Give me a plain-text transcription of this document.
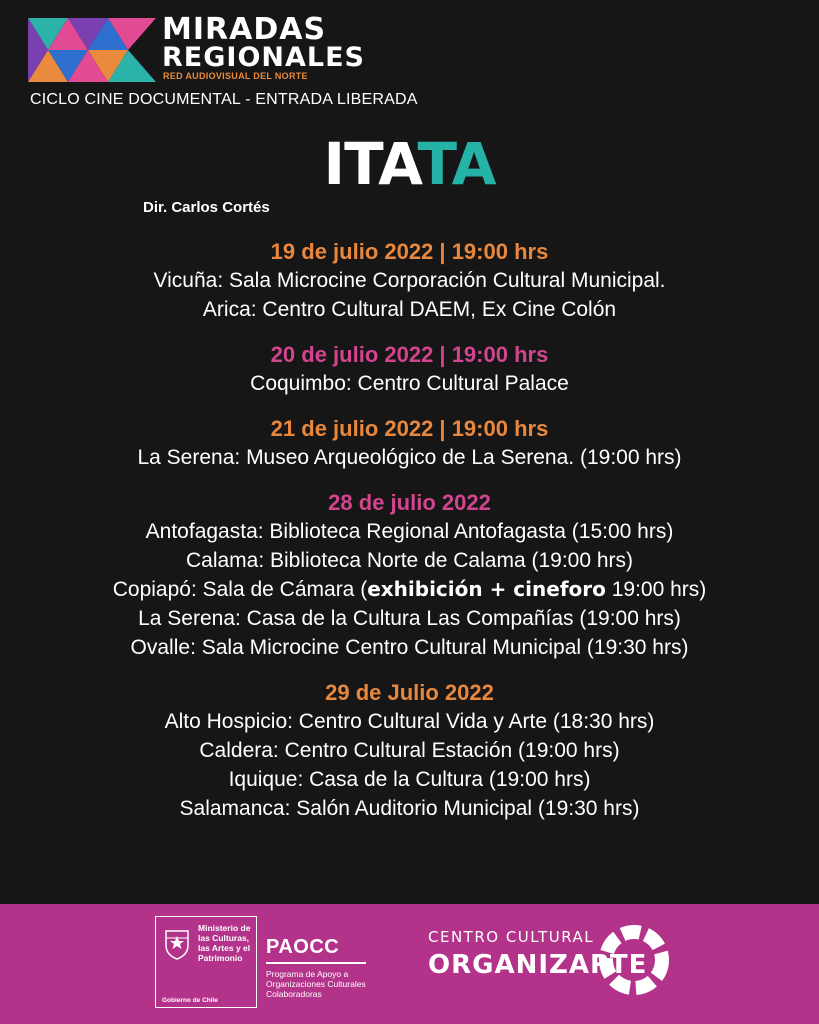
MIRADAS
REGIONALES
RED AUDIOVISUAL DEL NORTE
CICLO CINE DOCUMENTAL - ENTRADA LIBERADA
ITATA
Dir. Carlos Cortés
19 de julio 2022 | 19:00 hrs
Vicuña: Sala Microcine Corporación Cultural Municipal.
Arica: Centro Cultural DAEM, Ex Cine Colón
20 de julio 2022 | 19:00 hrs
Coquimbo: Centro Cultural Palace
21 de julio 2022 | 19:00 hrs
La Serena: Museo Arqueológico de La Serena. (19:00 hrs)
28 de julio 2022
Antofagasta: Biblioteca Regional Antofagasta (15:00 hrs)
Calama: Biblioteca Norte de Calama (19:00 hrs)
Copiapó: Sala de Cámara (exhibición + cineforo 19:00 hrs)
La Serena: Casa de la Cultura Las Compañías (19:00 hrs)
Ovalle: Sala Microcine Centro Cultural Municipal (19:30 hrs)
29 de Julio 2022
Alto Hospicio: Centro Cultural Vida y Arte (18:30 hrs)
Caldera: Centro Cultural Estación (19:00 hrs)
Iquique: Casa de la Cultura (19:00 hrs)
Salamanca: Salón Auditorio Municipal (19:30 hrs)
Ministerio de las Culturas, las Artes y el Patrimonio
Gobierno de Chile
PAOCC
Programa de Apoyo a Organizaciones Culturales Colaboradoras
CENTRO CULTURAL
ORGANIZARTE
